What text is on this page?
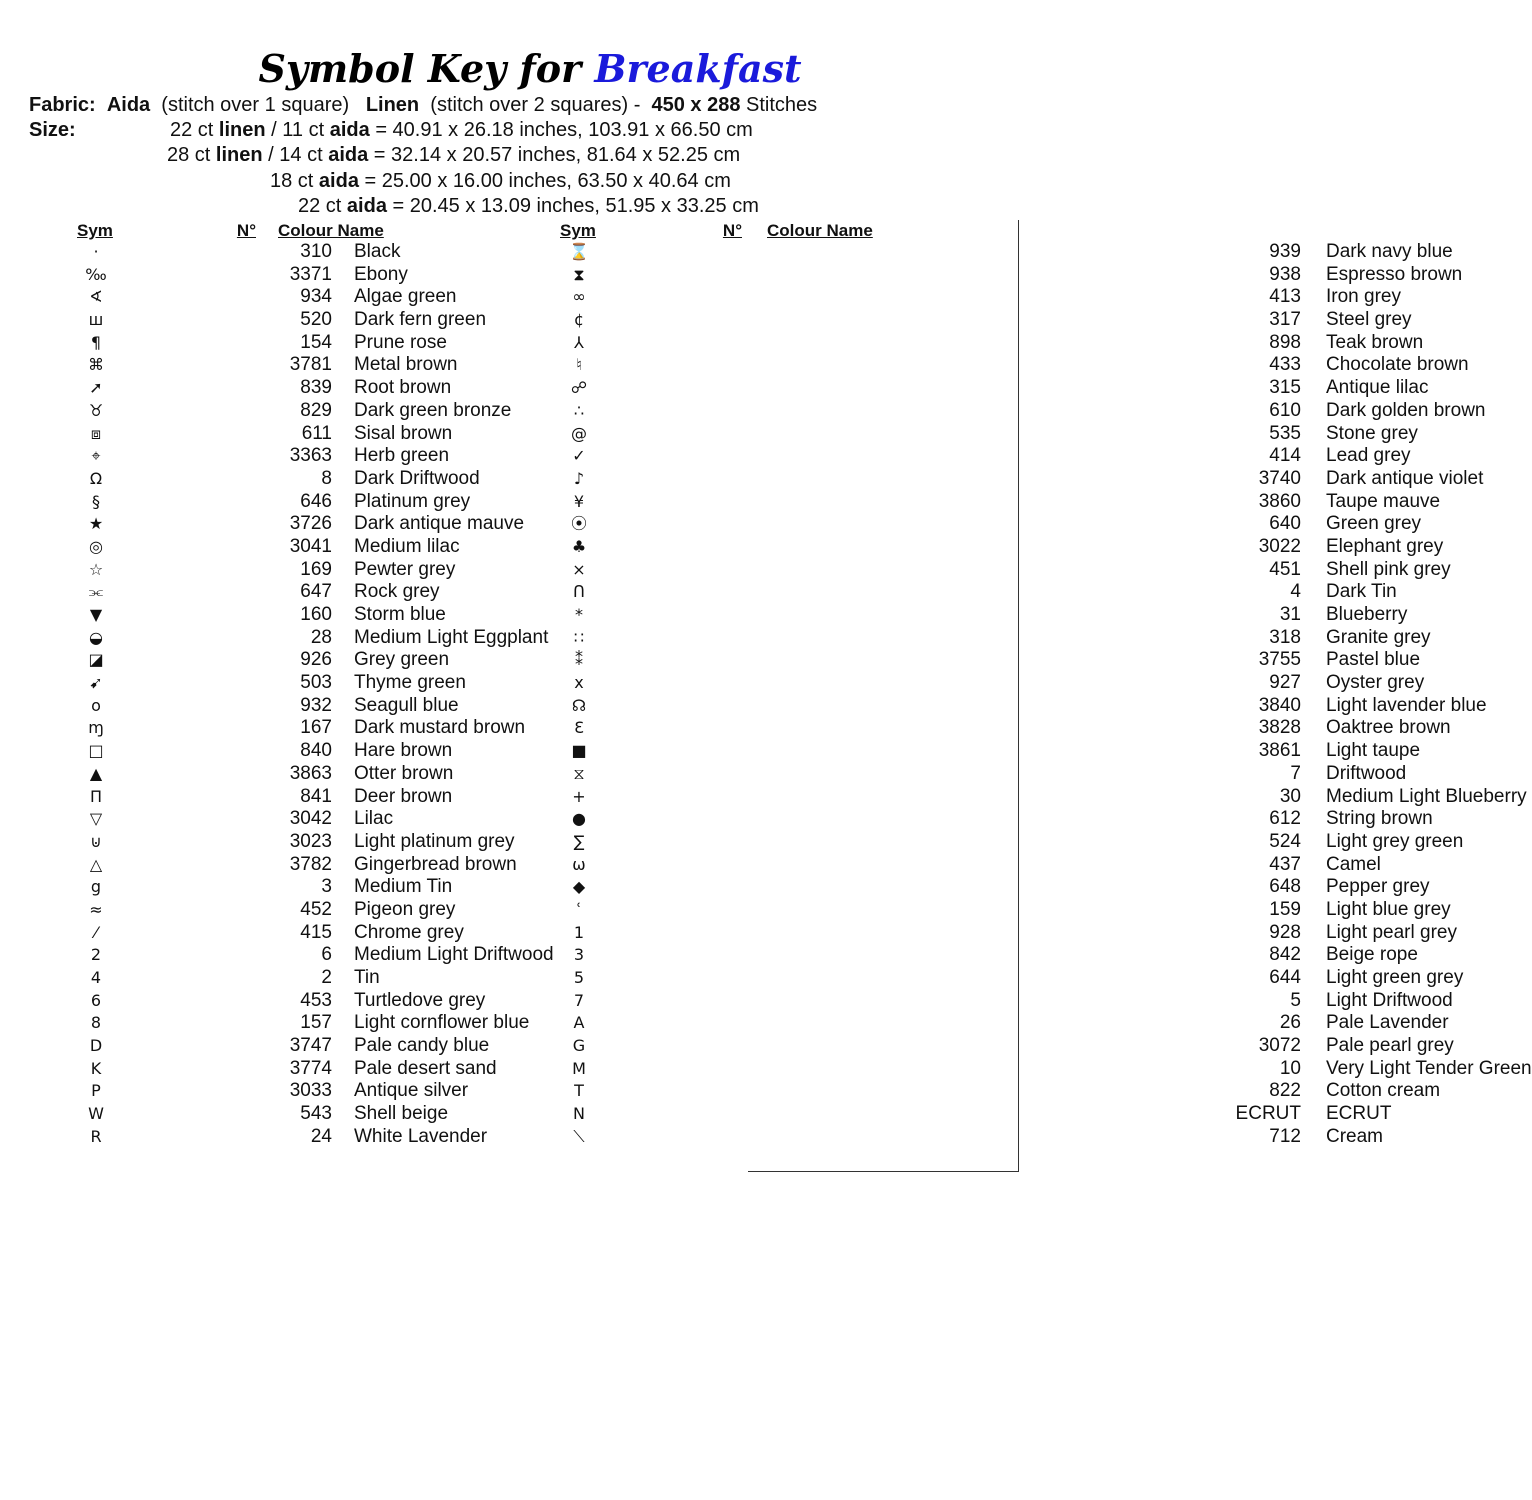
Symbol Key for Breakfast
Fabric: Aida (stitch over 1 square) Linen (stitch over 2 squares) - 450 x 288 Stitches
Size:	22 ct linen / 11 ct aida = 40.91 x 26.18 inches, 103.91 x 66.50 cm
28 ct linen / 14 ct aida = 32.14 x 20.57 inches, 81.64 x 52.25 cm
18 ct aida = 25.00 x 16.00 inches, 63.50 x 40.64 cm
22 ct aida = 20.45 x 13.09 inches, 51.95 x 33.25 cm
Sym	N° Colour Name	Sym	N° Colour Name
·	310 Black
‰	3371 Ebony
∢	934 Algae green
ш	520 Dark fern green
¶	154 Prune rose
⌘	3781 Metal brown
➚	839 Root brown
♉	829 Dark green bronze
⧈	611 Sisal brown
⌖	3363 Herb green
Ω	8 Dark Driftwood
§	646 Platinum grey
★	3726 Dark antique mauve
◎	3041 Medium lilac
☆	169 Pewter grey
⫘	647 Rock grey
▼	160 Storm blue
◒	28 Medium Light Eggplant
◪	926 Grey green
➹	503 Thyme green
o	932 Seagull blue
ɱ	167 Dark mustard brown
□	840 Hare brown
▲	3863 Otter brown
Π	841 Deer brown
▽	3042 Lilac
⊍	3023 Light platinum grey
△	3782 Gingerbread brown
g	3 Medium Tin
≈	452 Pigeon grey
⁄	415 Chrome grey
2	6 Medium Light Driftwood
4	2 Tin
6	453 Turtledove grey
8	157 Light cornflower blue
D	3747 Pale candy blue
K	3774 Pale desert sand
P	3033 Antique silver
W	543 Shell beige
R	24 White Lavender
⌛	939 Dark navy blue
⧗	938 Espresso brown
∞	413 Iron grey
¢	317 Steel grey
⅄	898 Teak brown
♮	433 Chocolate brown
☍	315 Antique lilac
∴	610 Dark golden brown
@	535 Stone grey
✓	414 Lead grey
♪	3740 Dark antique violet
¥	3860 Taupe mauve
⦿	640 Green grey
♣	3022 Elephant grey
⨯	451 Shell pink grey
ᑎ	4 Dark Tin
*	31 Blueberry
∷	318 Granite grey
⁑	3755 Pastel blue
x	927 Oyster grey
☊	3840 Light lavender blue
Ɛ	3828 Oaktree brown
■	3861 Light taupe
⧖	7 Driftwood
+	30 Medium Light Blueberry
●	612 String brown
∑	524 Light grey green
ω	437 Camel
◆	648 Pepper grey
ʿ	159 Light blue grey
1	928 Light pearl grey
3	842 Beige rope
5	644 Light green grey
7	5 Light Driftwood
A	26 Pale Lavender
G	3072 Pale pearl grey
M	10 Very Light Tender Green
T	822 Cotton cream
N	ECRUT ECRUT
⟍	712 Cream
